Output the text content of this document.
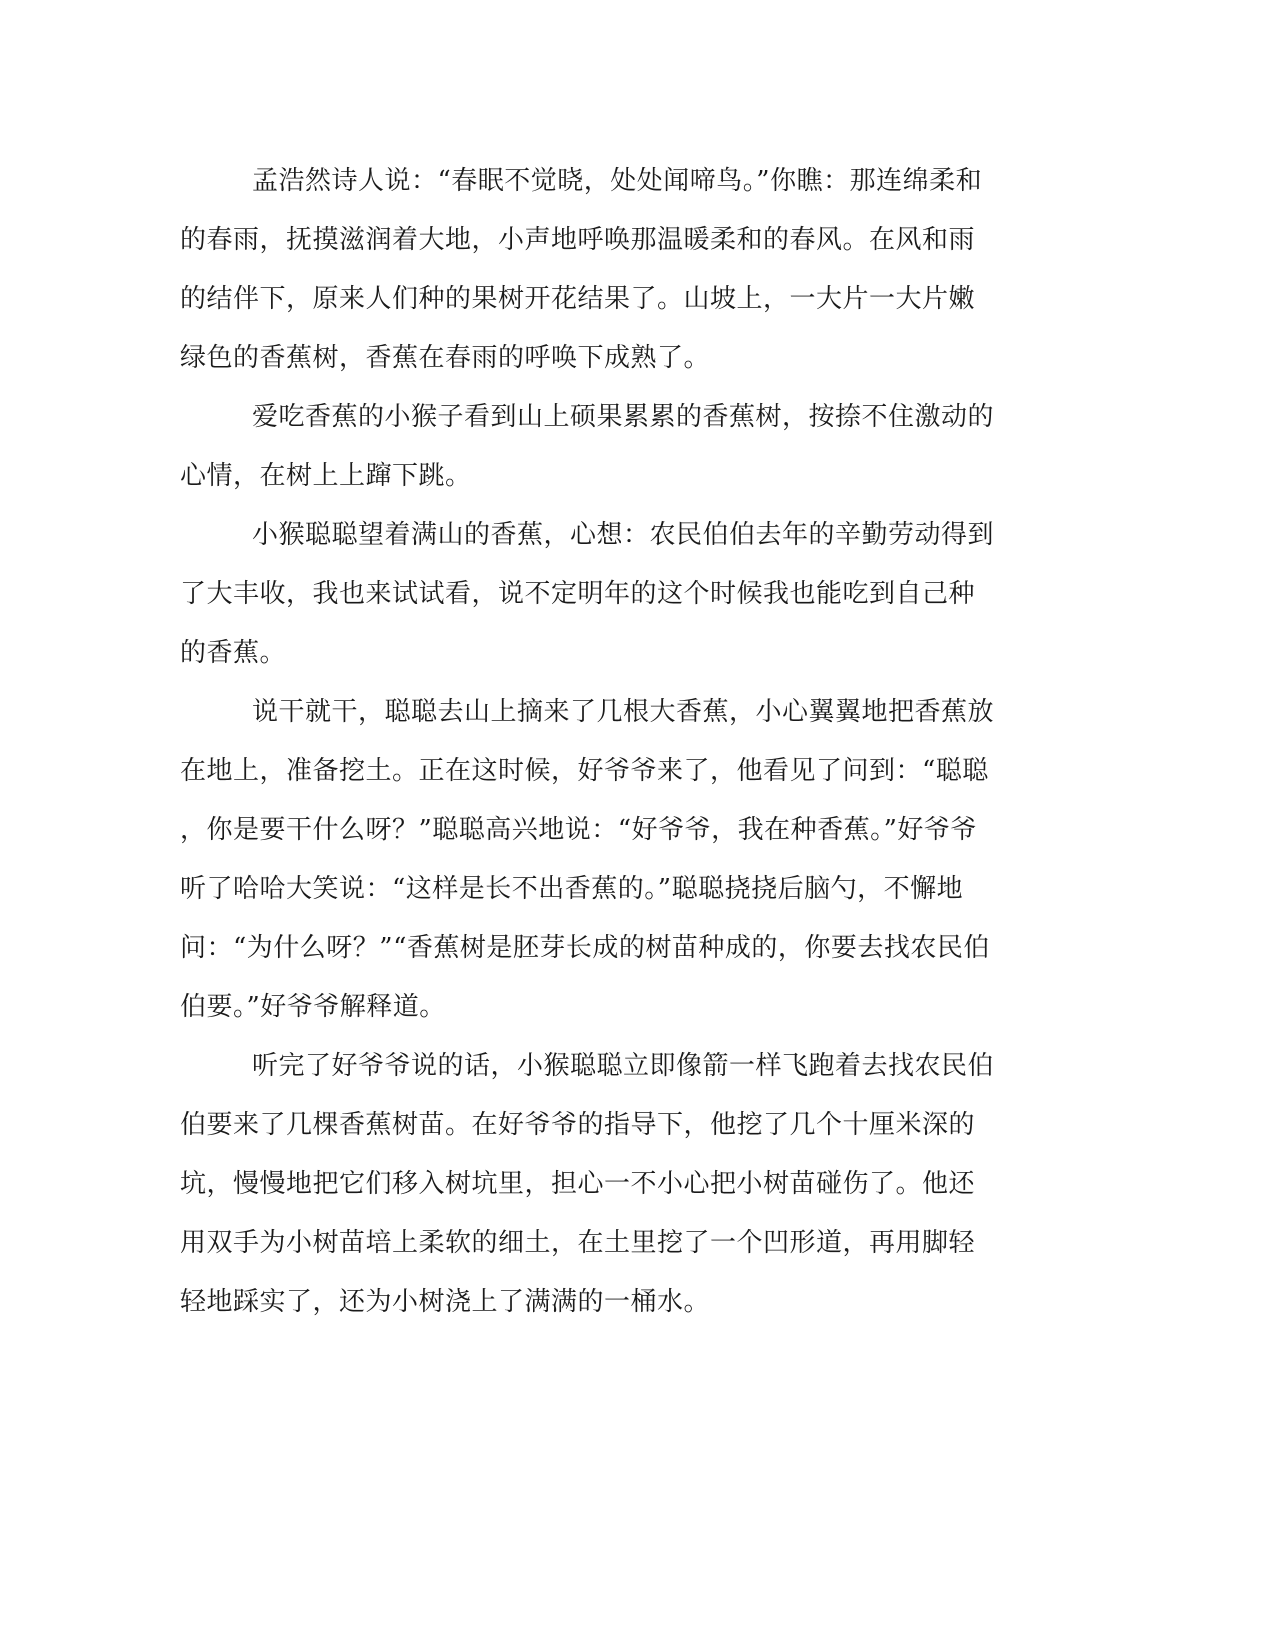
孟浩然诗人说：“春眠不觉晓，处处闻啼鸟。”你瞧：那连绵柔和
的春雨，抚摸滋润着大地，小声地呼唤那温暖柔和的春风。在风和雨
的结伴下，原来人们种的果树开花结果了。山坡上，一大片一大片嫩
绿色的香蕉树，香蕉在春雨的呼唤下成熟了。

爱吃香蕉的小猴子看到山上硕果累累的香蕉树，按捺不住激动的
心情，在树上上蹿下跳。

小猴聪聪望着满山的香蕉，心想：农民伯伯去年的辛勤劳动得到
了大丰收，我也来试试看，说不定明年的这个时候我也能吃到自己种
的香蕉。

说干就干，聪聪去山上摘来了几根大香蕉，小心翼翼地把香蕉放
在地上，准备挖土。正在这时候，好爷爷来了，他看见了问到：“聪聪
，你是要干什么呀？”聪聪高兴地说：“好爷爷，我在种香蕉。”好爷爷
听了哈哈大笑说：“这样是长不出香蕉的。”聪聪挠挠后脑勺，不懈地
问：“为什么呀？”“香蕉树是胚芽长成的树苗种成的，你要去找农民伯
伯要。”好爷爷解释道。

听完了好爷爷说的话，小猴聪聪立即像箭一样飞跑着去找农民伯
伯要来了几棵香蕉树苗。在好爷爷的指导下，他挖了几个十厘米深的
坑，慢慢地把它们移入树坑里，担心一不小心把小树苗碰伤了。他还
用双手为小树苗培上柔软的细土，在土里挖了一个凹形道，再用脚轻
轻地踩实了，还为小树浇上了满满的一桶水。
